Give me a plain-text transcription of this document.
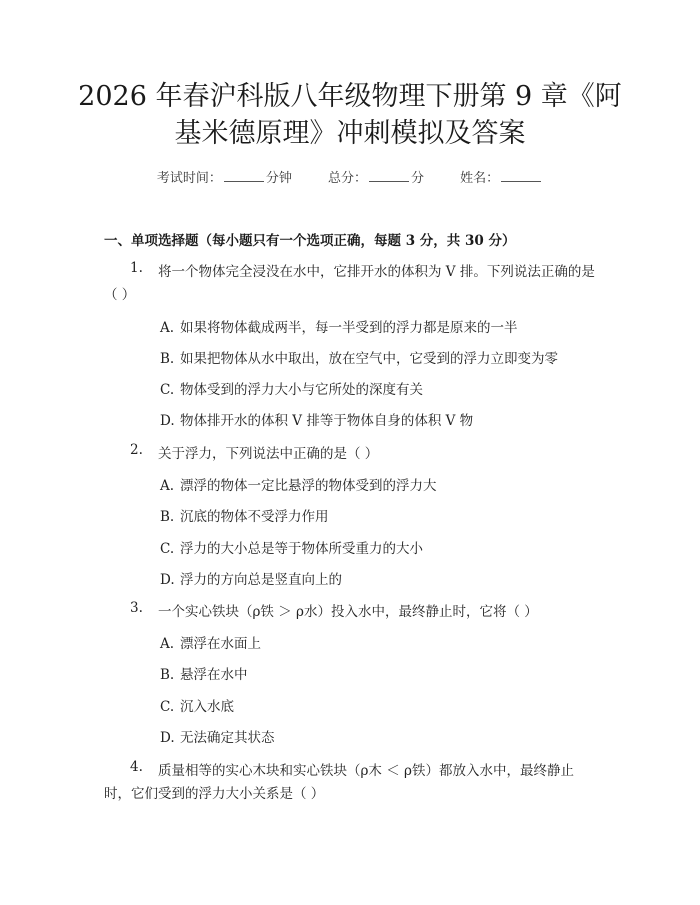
2026 年春沪科版八年级物理下册第 9 章《阿
基米德原理》冲刺模拟及答案
考试时间：	分钟	总分：	分	姓名：
一、单项选择题（每小题只有一个选项正确，每题 3 分，共 30 分）
1. 将一个物体完全浸没在水中，它排开水的体积为 V 排。下列说法正确的是
（ ）
A. 如果将物体截成两半，每一半受到的浮力都是原来的一半
B. 如果把物体从水中取出，放在空气中，它受到的浮力立即变为零
C. 物体受到的浮力大小与它所处的深度有关
D. 物体排开水的体积 V 排等于物体自身的体积 V 物
2. 关于浮力，下列说法中正确的是（ ）
A. 漂浮的物体一定比悬浮的物体受到的浮力大
B. 沉底的物体不受浮力作用
C. 浮力的大小总是等于物体所受重力的大小
D. 浮力的方向总是竖直向上的
3. 一个实心铁块（ρ铁 ＞ ρ水）投入水中，最终静止时，它将（ ）
A. 漂浮在水面上
B. 悬浮在水中
C. 沉入水底
D. 无法确定其状态
4. 质量相等的实心木块和实心铁块（ρ木 ＜ ρ铁）都放入水中，最终静止
时，它们受到的浮力大小关系是（ ）
